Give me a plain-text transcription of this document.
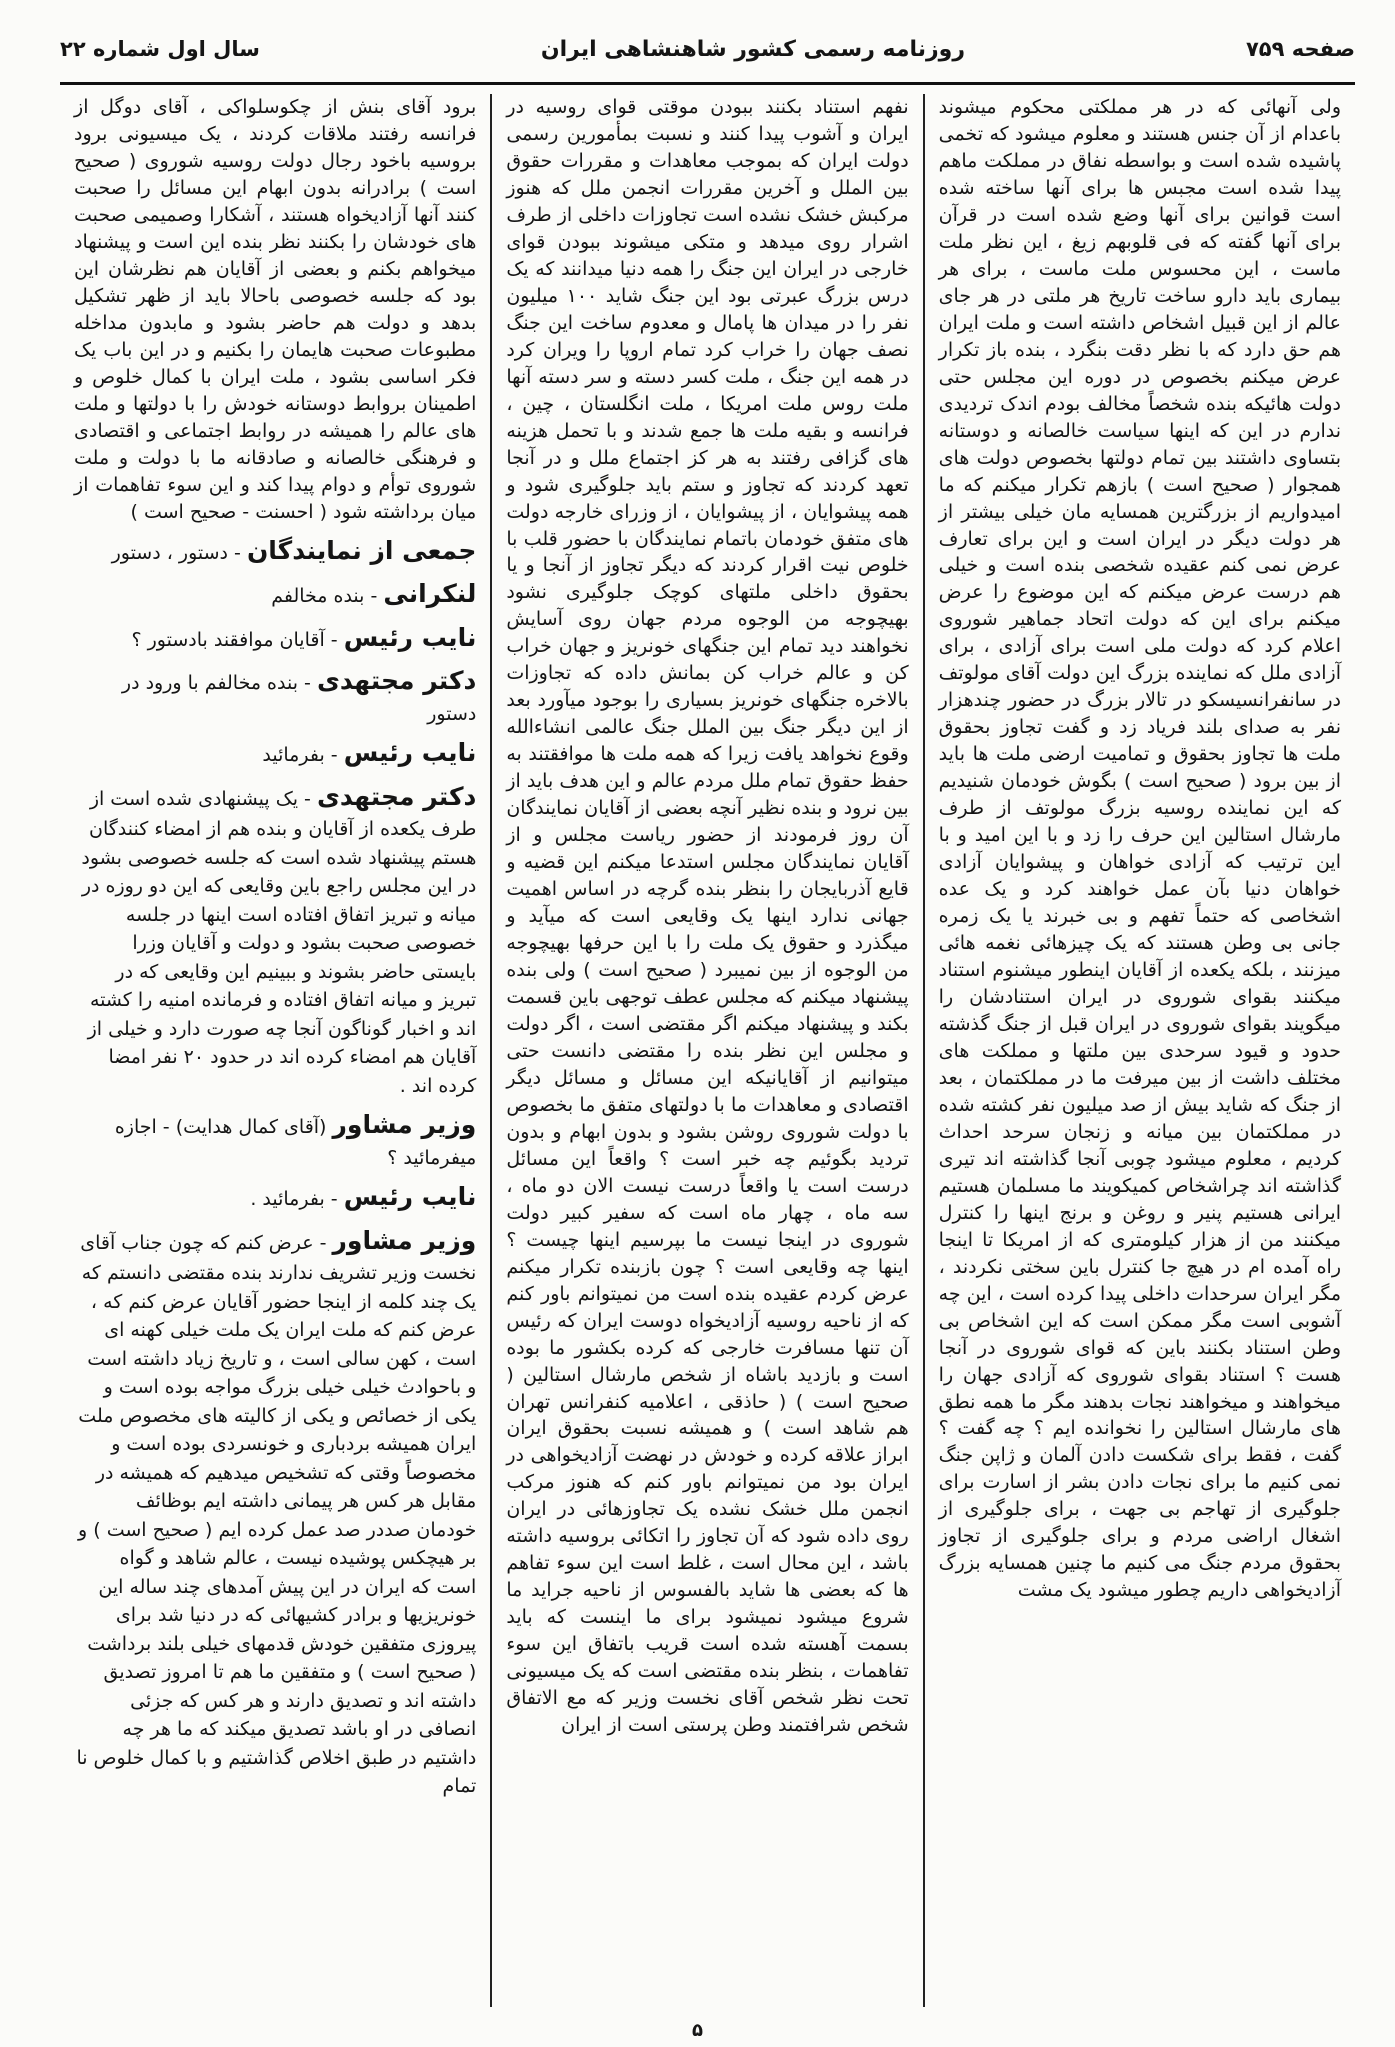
صفحه ۷۵۹
روزنامه رسمی کشور شاهنشاهی ایران
سال اول شماره ۲۲

ولی آنهائی که در هر مملکتی محکوم میشوند باعدام از آن جنس هستند و معلوم میشود که تخمی پاشیده شده است و بواسطه نفاق در مملکت ماهم پیدا شده است مجبس ها برای آنها ساخته شده است قوانین برای آنها وضع شده است در قرآن برای آنها گفته که فی قلوبهم زیغ ، این نظر ملت ماست ، این محسوس ملت ماست ، برای هر بیماری باید دارو ساخت تاریخ هر ملتی در هر جای عالم از این قبیل اشخاص داشته است و ملت ایران هم حق دارد که با نظر دقت بنگرد ، بنده باز تکرار عرض میکنم بخصوص در دوره این مجلس حتی دولت هائیکه بنده شخصاً مخالف بودم اندک تردیدی ندارم در این که اینها سیاست خالصانه و دوستانه بتساوی داشتند بین تمام دولتها بخصوص دولت های همجوار ( صحیح است ) بازهم تکرار میکنم که ما امیدواریم از بزرگترین همسایه مان خیلی بیشتر از هر دولت دیگر در ایران است و این برای تعارف عرض نمی کنم عقیده شخصی بنده است و خیلی هم درست عرض میکنم که این موضوع را عرض میکنم برای این که دولت اتحاد جماهیر شوروی اعلام کرد که دولت ملی است برای آزادی ، برای آزادی ملل که نماینده بزرگ این دولت آقای مولوتف در سانفرانسیسکو در تالار بزرگ در حضور چندهزار نفر به صدای بلند فریاد زد و گفت تجاوز بحقوق ملت ها تجاوز بحقوق و تمامیت ارضی ملت ها باید از بین برود ( صحیح است ) بگوش خودمان شنیدیم که این نماینده روسیه بزرگ مولوتف از طرف مارشال استالین این حرف را زد و با این امید و با این ترتیب که آزادی خواهان و پیشوایان آزادی خواهان دنیا بآن عمل خواهند کرد و یک عده اشخاصی که حتماً تفهم و بی خبرند یا یک زمره جانی بی وطن هستند که یک چیزهائی نغمه هائی میزنند ، بلکه یکعده از آقایان اینطور میشنوم استناد میکنند بقوای شوروی در ایران استنادشان را میگویند بقوای شوروی در ایران قبل از جنگ گذشته حدود و قیود سرحدی بین ملتها و مملکت های مختلف داشت از بین میرفت ما در مملکتمان ، بعد از جنگ که شاید بیش از صد میلیون نفر کشته شده در مملکتمان بین میانه و زنجان سرحد احداث کردیم ، معلوم میشود چوبی آنجا گذاشته اند تیری گذاشته اند چراشخاص کمیکویند ما مسلمان هستیم ایرانی هستیم پنیر و روغن و برنج اینها را کنترل میکنند من از هزار کیلومتری که از امریکا تا اینجا راه آمده ام در هیچ جا کنترل باین سختی نکردند ، مگر ایران سرحدات داخلی پیدا کرده است ، این چه آشوبی است مگر ممکن است که این اشخاص بی وطن استناد بکنند باین که قوای شوروی در آنجا هست ؟ استناد بقوای شوروی که آزادی جهان را میخواهند و میخواهند نجات بدهند مگر ما همه نطق های مارشال استالین را نخوانده ایم ؟ چه گفت ؟ گفت ، فقط برای شکست دادن آلمان و ژاپن جنگ نمی کنیم ما برای نجات دادن بشر از اسارت برای جلوگیری از تهاجم بی جهت ، برای جلوگیری از اشغال اراضی مردم و برای جلوگیری از تجاوز بحقوق مردم جنگ می کنیم ما چنین همسایه بزرگ آزادیخواهی داریم چطور میشود یک مشت

نفهم استناد بکنند ببودن موقتی قوای روسیه در ایران و آشوب پیدا کنند و نسبت بمأمورین رسمی دولت ایران که بموجب معاهدات و مقررات حقوق بین الملل و آخرین مقررات انجمن ملل که هنوز مرکبش خشک نشده است تجاوزات داخلی از طرف اشرار روی میدهد و متکی میشوند ببودن قوای خارجی در ایران این جنگ را همه دنیا میدانند که یک درس بزرگ عبرتی بود این جنگ شاید ۱۰۰ میلیون نفر را در میدان ها پامال و معدوم ساخت این جنگ نصف جهان را خراب کرد تمام اروپا را ویران کرد در همه این جنگ ، ملت کسر دسته و سر دسته آنها ملت روس ملت امریکا ، ملت انگلستان ، چین ، فرانسه و بقیه ملت ها جمع شدند و با تحمل هزینه های گزافی رفتند به هر کز اجتماع ملل و در آنجا تعهد کردند که تجاوز و ستم باید جلوگیری شود و همه پیشوایان ، از پیشوایان ، از وزرای خارجه دولت های متفق خودمان باتمام نمایندگان با حضور قلب با خلوص نیت اقرار کردند که دیگر تجاوز از آنجا و یا بحقوق داخلی ملتهای کوچک جلوگیری نشود بهیچوجه من الوجوه مردم جهان روی آسایش نخواهند دید تمام این جنگهای خونریز و جهان خراب کن و عالم خراب کن بمانش داده که تجاوزات بالاخره جنگهای خونریز بسیاری را بوجود میآورد بعد از این دیگر جنگ بین الملل جنگ عالمی انشاءالله وقوع نخواهد یافت زیرا که همه ملت ها موافقتند به حفظ حقوق تمام ملل مردم عالم و این هدف باید از بین نرود و بنده نظیر آنچه بعضی از آقایان نمایندگان آن روز فرمودند از حضور ریاست مجلس و از آقایان نمایندگان مجلس استدعا میکنم این قضیه و قایع آذربایجان را بنظر بنده گرچه در اساس اهمیت جهانی ندارد اینها یک وقایعی است که میآید و میگذرد و حقوق یک ملت را با این حرفها بهیچوجه من الوجوه از بین نمیبرد ( صحیح است ) ولی بنده پیشنهاد میکنم که مجلس عطف توجهی باین قسمت بکند و پیشنهاد میکنم اگر مقتضی است ، اگر دولت و مجلس این نظر بنده را مقتضی دانست حتی میتوانیم از آقایانیکه این مسائل و مسائل دیگر اقتصادی و معاهدات ما با دولتهای متفق ما بخصوص با دولت شوروی روشن بشود و بدون ابهام و بدون تردید بگوئیم چه خبر است ؟ واقعاً این مسائل درست است یا واقعاً درست نیست الان دو ماه ، سه ماه ، چهار ماه است که سفیر کبیر دولت شوروی در اینجا نیست ما بپرسیم اینها چیست ؟ اینها چه وقایعی است ؟ چون بازبنده تکرار میکنم عرض کردم عقیده بنده است من نمیتوانم باور کنم که از ناحیه روسیه آزادیخواه دوست ایران که رئیس آن تنها مسافرت خارجی که کرده بکشور ما بوده است و بازدید باشاه از شخص مارشال استالین ( صحیح است ) ( حاذقی ، اعلامیه کنفرانس تهران هم شاهد است ) و همیشه نسبت بحقوق ایران ابراز علاقه کرده و خودش در نهضت آزادیخواهی در ایران بود من نمیتوانم باور کنم که هنوز مرکب انجمن ملل خشک نشده یک تجاوزهائی در ایران روی داده شود که آن تجاوز را اتکائی بروسیه داشته باشد ، این محال است ، غلط است این سوء تفاهم ها که بعضی ها شاید بالفسوس از ناحیه جراید ما شروع میشود نمیشود برای ما اینست که باید بسمت آهسته شده است قریب باتفاق این سوء تفاهمات ، بنظر بنده مقتضی است که یک میسیونی تحت نظر شخص آقای نخست وزیر که مع الاتفاق شخص شرافتمند وطن پرستی است از ایران

برود آقای بنش از چکوسلواکی ، آقای دوگل از فرانسه رفتند ملاقات کردند ، یک میسیونی برود بروسیه باخود رجال دولت روسیه شوروی ( صحیح است ) برادرانه بدون ابهام این مسائل را صحبت کنند آنها آزادیخواه هستند ، آشکارا وصمیمی صحبت های خودشان را بکنند نظر بنده این است و پیشنهاد میخواهم بکنم و بعضی از آقایان هم نظرشان این بود که جلسه خصوصی باحالا باید از ظهر تشکیل بدهد و دولت هم حاضر بشود و مابدون مداخله مطبوعات صحبت هایمان را بکنیم و در این باب یک فکر اساسی بشود ، ملت ایران با کمال خلوص و اطمینان بروابط دوستانه خودش را با دولتها و ملت های عالم را همیشه در روابط اجتماعی و اقتصادی و فرهنگی خالصانه و صادقانه ما با دولت و ملت شوروی توأم و دوام پیدا کند و این سوء تفاهمات از میان برداشته شود ( احسنت - صحیح است )

جمعی از نمایندگان - دستور ، دستور
لنکرانی - بنده مخالفم
نایب رئیس - آقایان موافقند بادستور ؟
دکتر مجتهدی - بنده مخالفم با ورود در دستور
نایب رئیس - بفرمائید
دکتر مجتهدی - یک پیشنهادی شده است از طرف یکعده از آقایان و بنده هم از امضاء کنندگان هستم پیشنهاد شده است که جلسه خصوصی بشود در این مجلس راجع باین وقایعی که این دو روزه در میانه و تبریز اتفاق افتاده است اینها در جلسه خصوصی صحبت بشود و دولت و آقایان وزرا بایستی حاضر بشوند و ببینیم این وقایعی که در تبریز و میانه اتفاق افتاده و فرمانده امنیه را کشته اند و اخبار گوناگون آنجا چه صورت دارد و خیلی از آقایان هم امضاء کرده اند در حدود ۲۰ نفر امضا کرده اند .
وزیر مشاور (آقای کمال هدایت) - اجازه میفرمائید ؟
نایب رئیس - بفرمائید .
وزیر مشاور - عرض کنم که چون جناب آقای نخست وزیر تشریف ندارند بنده مقتضی دانستم که یک چند کلمه از اینجا حضور آقایان عرض کنم که ، عرض کنم که ملت ایران یک ملت خیلی کهنه ای است ، کهن سالی است ، و تاریخ زیاد داشته است و باحوادث خیلی خیلی بزرگ مواجه بوده است و یکی از خصائص و یکی از کالیته های مخصوص ملت ایران همیشه بردباری و خونسردی بوده است و مخصوصاً وقتی که تشخیص میدهیم که همیشه در مقابل هر کس هر پیمانی داشته ایم بوظائف خودمان صددر صد عمل کرده ایم ( صحیح است ) و بر هیچکس پوشیده نیست ، عالم شاهد و گواه است که ایران در این پیش آمدهای چند ساله این خونریزیها و برادر کشیهائی که در دنیا شد برای پیروزی متفقین خودش قدمهای خیلی بلند برداشت ( صحیح است ) و متفقین ما هم تا امروز تصدیق داشته اند و تصدیق دارند و هر کس که جزئی انصافی در او باشد تصدیق میکند که ما هر چه داشتیم در طبق اخلاص گذاشتیم و با کمال خلوص نا تمام
۵
